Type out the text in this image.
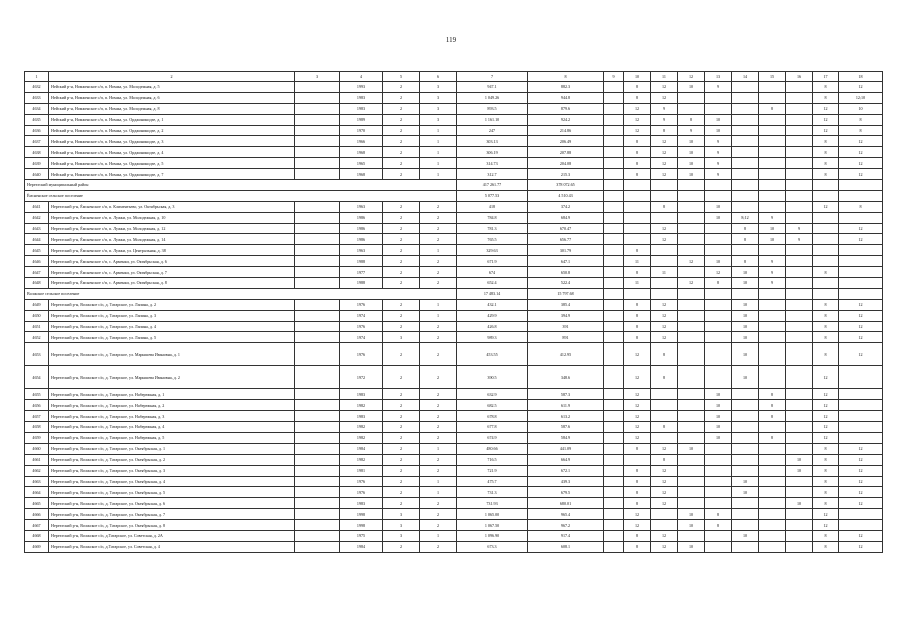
119
1	2	3	4	5	6	7	8	9	10	11	12	13	14	15	16	17	18
4632	Нейский р-н, Номженское с/п, п. Номжа, ул. Молодежная, д. 5		1993	2	3	947.1	882.3		8	12	10	9				8	12
4633	Нейский р-н, Номженское с/п, п. Номжа, ул. Молодежная, д. 6		1983	2	3	1 049.26	944.8		8	12						8	12;10
4634	Нейский р-н, Номженское с/п, п. Номжа, ул. Молодежная, д. 8		1983	2	3	893.5	879.6		12	9				8		12	10
4635	Нейский р-н, Номженское с/п, п. Номжа, ул. Орджоникидзе, д. 1		1989	2	3	1 161.10	924.2		12	9	8	10				12	8
4636	Нейский р-н, Номженское с/п, п. Номжа, ул. Орджоникидзе, д. 2		1970	2	1	247	214.86		12	8	9	10				12	8
4637	Нейский р-н, Номженское с/п, п. Номжа, ул. Орджоникидзе, д. 3		1966	2	1	303.13	206.49		8	12	10	9				8	12
4638	Нейский р-н, Номженское с/п, п. Номжа, ул. Орджоникидзе, д. 4		1968	2	1	306.19	207.88		8	12	10	9				8	12
4639	Нейский р-н, Номженское с/п, п. Номжа, ул. Орджоникидзе, д. 5		1965	2	1	314.73	204.08		8	12	10	9				8	12
4640	Нейский р-н, Номженское с/п, п. Номжа, ул. Орджоникидзе, д. 7		1968	2	1	312.7	215.3		8	12	10	9				8	12
Нерехтский муниципальный район						417 261.77	378 072.65										
Ёмсненское сельское поселение						5 077.53	4 510.43										
4641	Нерехтский р-н, Ёмсненское с/п, п. Климентьево, ул. Октябрьская, д. 3		1963	2	2	418	374.2			8		10				12	8
4642	Нерехтский р-н, Ёмсненское с/п, п. Лужки, ул. Молодежная, д. 10		1986	2	2	784.8	684.9					10	8;12	9			
4643	Нерехтский р-н, Ёмсненское с/п, п. Лужки, ул. Молодежная, д. 12		1986	2	2	781.3	670.47			12			8	10	9		12
4644	Нерехтский р-н, Ёмсненское с/п, п. Лужки, ул. Молодежная, д. 14		1986	2	2	765.5	656.77			12			8	10	9		12
4645	Нерехтский р-н, Ёмсненское с/п, п. Лужки, ул. Центральная, д. 38		1963	2	1	329.63	301.79		8								
4646	Нерехтский р-н, Ёмсненское с/п, с. Арменки, ул. Октябрьская, д. 6		1988	2	2	671.9	647.1		11		12	10	8	9			
4647	Нерехтский р-н, Ёмсненское с/п, с. Арменки, ул. Октябрьская, д. 7		1977	2	2	674	650.8		8	11		12	10	9		8	
4648	Нерехтский р-н, Ёмсненское с/п, с. Арменки, ул. Октябрьская, д. 8		1988	2	2	652.4	522.4		11		12	8	10	9			
Волжское сельское поселение						17 483.14	15 797.68										
4649	Нерехтский р-н, Волжское с/п, д. Татарское, ул. Лапина, д. 2		1976	2	1	432.1	385.4		8	12			10			8	12
4650	Нерехтский р-н, Волжское с/п, д. Татарское, ул. Лапина, д. 3		1974	2	1	429.9	394.9		8	12			10			8	12
4651	Нерехтский р-н, Волжское с/п, д. Татарское, ул. Лапина, д. 4		1976	2	2	426.8	391		8	12			10			8	12
4652	Нерехтский р-н, Волжское с/п, д. Татарское, ул. Лапина, д. 5		1974	3	2	989.3	891		8	12			10			8	12
4653	Нерехтский р-н, Волжское с/п, д. Татарское, ул. Марышева Ивановна, д. 1		1976	2	2	453.55	412.95		12	8			10			8	12
4654	Нерехтский р-н, Волжское с/п, д. Татарское, ул. Марышева Ивановна, д. 2		1972	2	2	390.5	348.6		12	8			10			12	
4655	Нерехтский р-н, Волжское с/п, д. Татарское, ул. Набережная, д. 1		1983	2	2	632.9	587.3		12			10		8		12	
4656	Нерехтский р-н, Волжское с/п, д. Татарское, ул. Набережная, д. 2		1982	2	2	682.5	611.9		12			10		8		12	
4657	Нерехтский р-н, Волжское с/п, д. Татарское, ул. Набережная, д. 3		1983	2	2	678.8	613.2		12			10		8		12	
4658	Нерехтский р-н, Волжское с/п, д. Татарское, ул. Набережная, д. 4		1982	2	2	677.8	587.6		12	8		10				12	
4659	Нерехтский р-н, Волжское с/п, д. Татарское, ул. Набережная, д. 5		1982	2	2	674.9	584.9		12			10		8		12	
4660	Нерехтский р-н, Волжское с/п, д. Татарское, ул. Октябрьская, д. 1		1984	2	1	480.66	441.09		8	12	10					8	12
4661	Нерехтский р-н, Волжское с/п, д. Татарское, ул. Октябрьская, д. 2		1982	2	2	716.5	664.9			8					10	8	12
4662	Нерехтский р-н, Волжское с/п, д. Татарское, ул. Октябрьская, д. 3		1981	2	2	721.9	672.1		8	12					10	8	12
4663	Нерехтский р-н, Волжское с/п, д. Татарское, ул. Октябрьская, д. 4		1976	2	1	475.7	439.3		8	12			10			8	12
4664	Нерехтский р-н, Волжское с/п, д. Татарское, ул. Октябрьская, д. 5		1976	2	1	731.3	679.5		8	12			10			8	12
4665	Нерехтский р-н, Волжское с/п, д. Татарское, ул. Октябрьская, д. 6		1983	2	2	731.93	680.01		8	12					10	8	12
4666	Нерехтский р-н, Волжское с/п, д. Татарское, ул. Октябрьская, д. 7		1998	3	2	1 065.00	965.4		12		10	8				12	
4667	Нерехтский р-н, Волжское с/п, д. Татарское, ул. Октябрьская, д. 8		1998	3	2	1 067.50	967.2		12		10	8				12	
4668	Нерехтский р-н, Волжское с/п, д.Татарское, ул. Советская, д. 2А		1975	3	1	1 096.90	917.4		8	12			10			8	12
4669	Нерехтский р-н, Волжское с/п, д.Татарское, ул. Советская, д. 4		1984	2	2	673.3	608.1		8	12	10					8	12
